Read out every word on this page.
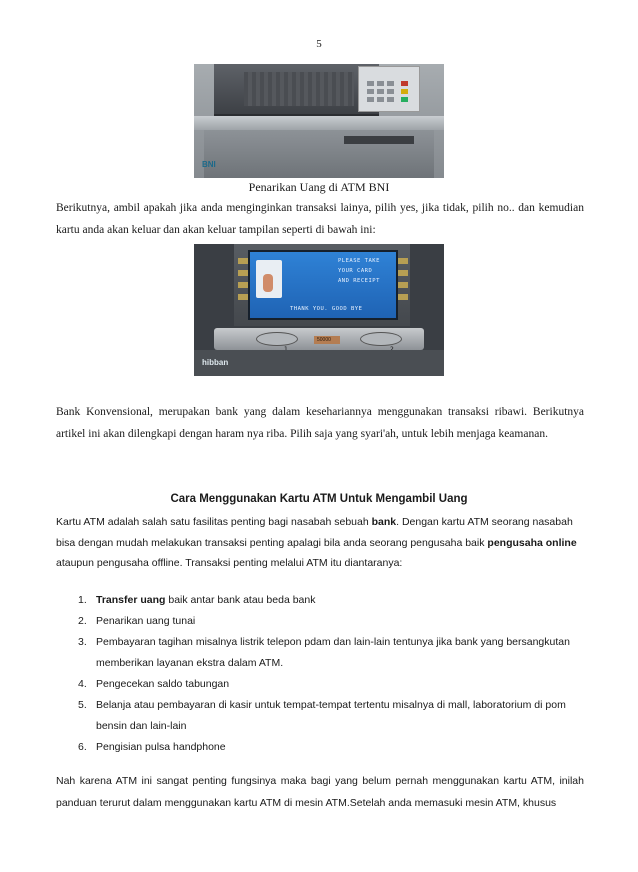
5
BNI
Penarikan Uang di ATM BNI
Berikutnya, ambil apakah jika anda menginginkan transaksi lainya, pilih yes, jika tidak, pilih no.. dan kemudian kartu anda akan keluar dan akan keluar tampilan seperti di bawah ini:
PLEASE TAKE
YOUR CARD
AND RECEIPT
THANK YOU. GOOD BYE
50000
hibban
Bank Konvensional, merupakan bank yang dalam kesehariannya menggunakan transaksi ribawi. Berikutnya artikel ini akan dilengkapi dengan haram nya riba. Pilih saja yang syari'ah, untuk lebih menjaga keamanan.
Cara Menggunakan Kartu ATM Untuk Mengambil Uang
Kartu ATM adalah salah satu fasilitas penting bagi nasabah sebuah bank. Dengan kartu ATM seorang nasabah bisa dengan mudah melakukan transaksi penting apalagi bila anda seorang pengusaha baik pengusaha online ataupun pengusaha offline. Transaksi penting melalui ATM itu diantaranya:
1. Transfer uang baik antar bank atau beda bank
2. Penarikan uang tunai
3. Pembayaran tagihan misalnya listrik telepon pdam dan lain-lain tentunya jika bank yang bersangkutan memberikan layanan ekstra dalam ATM.
4. Pengecekan saldo tabungan
5. Belanja atau pembayaran di kasir untuk tempat-tempat tertentu misalnya di mall, laboratorium di pom bensin dan lain-lain
6. Pengisian pulsa handphone
Nah karena ATM ini sangat penting fungsinya maka bagi yang belum pernah menggunakan kartu ATM, inilah panduan terurut dalam menggunakan kartu ATM di mesin ATM.Setelah anda memasuki mesin ATM, khusus
